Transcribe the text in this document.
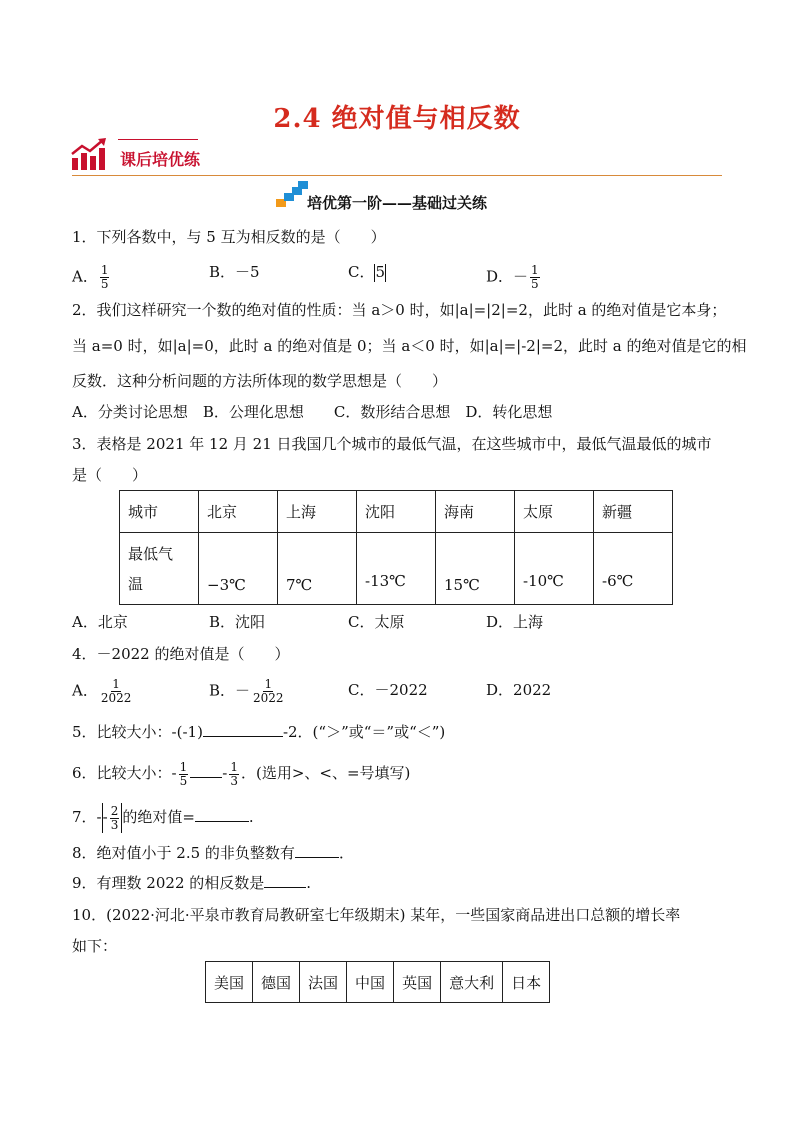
2.4 绝对值与相反数
课后培优练
培优第一阶——基础过关练
1．下列各数中，与 5 互为相反数的是（　　）
A． $\frac{1}{5}$	B．－5	C．5	D．－ $\frac{1}{5}$
2．我们这样研究一个数的绝对值的性质：当 a＞0 时，如|a|=|2|=2，此时 a 的绝对值是它本身；
当 a=0 时，如|a|=0，此时 a 的绝对值是 0；当 a＜0 时，如|a|=|-2|=2，此时 a 的绝对值是它的相
反数．这种分析问题的方法所体现的数学思想是（　　）
A．分类讨论思想　B．公理化思想　　C．数形结合思想　D．转化思想
3．表格是 2021 年 12 月 21 日我国几个城市的最低气温，在这些城市中，最低气温最低的城市
是（　　）
城市	北京	上海	沈阳	海南	太原	新疆

最低气
温	−3℃	7℃	-13℃	15℃	-10℃	-6℃
A．北京	B．沈阳	C．太原	D．上海
4．－2022 的绝对值是（　　）
A． $\frac{1}{2022}$	B．－ $\frac{1}{2022}$	C．－2022	D．2022
5．比较大小：-(-1)	-2．(“＞”或“＝”或“＜”)
6．比较大小：- $\frac{1}{5} - \frac{1}{3}$ ．(选用>、<、=号填写)
7．-- $\frac{2}{3}$ 的绝对值=	.
8．绝对值小于 2.5 的非负整数有	．
9．有理数 2022 的相反数是	.
10．(2022·河北·平泉市教育局教研室七年级期末) 某年，一些国家商品进出口总额的增长率
如下：
美国	德国	法国	中国	英国	意大利	日本
